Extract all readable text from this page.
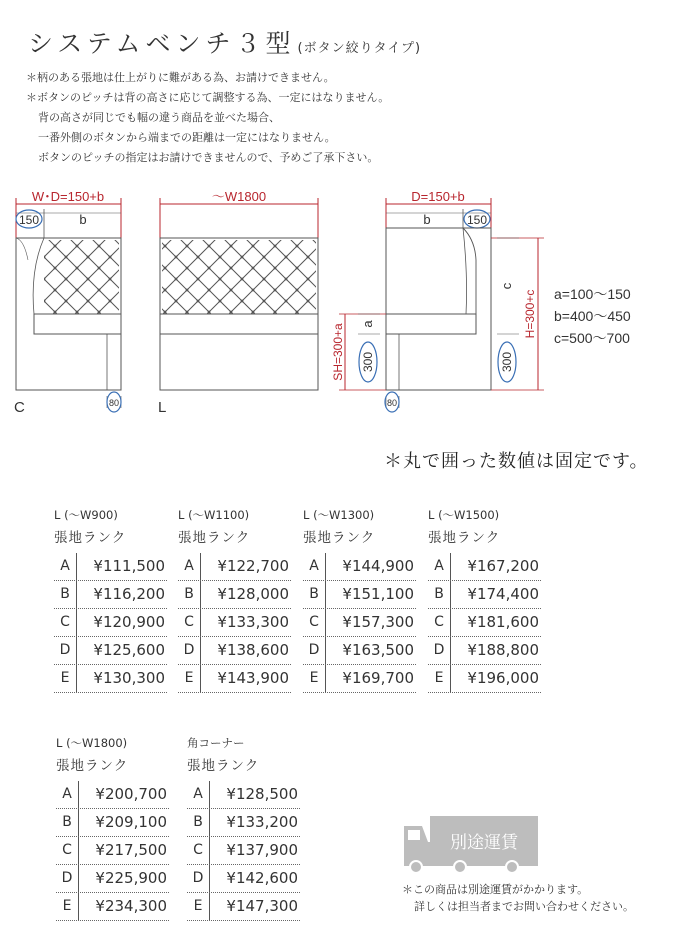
システムベンチ３型 (ボタン絞りタイプ)
＊柄のある張地は仕上がりに難がある為、お請けできません。
＊ボタンのピッチは背の高さに応じて調整する為、一定にはなりません。
背の高さが同じでも幅の違う商品を並べた場合、
一番外側のボタンから端までの距離は一定にはなりません。
ボタンのピッチの指定はお請けできませんので、予めご了承下さい。
W･D=150+b
150	b
80
C
～W1800
L
D=150+b
b	150
80
SH=300+a a
300
H=300+c
c
300
a=100～150
b=400～450
c=500～700
＊丸で囲った数値は固定です。
L (～W900)
張地ランク
A	¥111,500
B	¥116,200
C	¥120,900
D	¥125,600
E	¥130,300
L (～W1100)
張地ランク
A	¥122,700
B	¥128,000
C	¥133,300
D	¥138,600
E	¥143,900
L (～W1300)
張地ランク
A	¥144,900
B	¥151,100
C	¥157,300
D	¥163,500
E	¥169,700
L (～W1500)
張地ランク
A	¥167,200
B	¥174,400
C	¥181,600
D	¥188,800
E	¥196,000
L (～W1800)
張地ランク
A	¥200,700
B	¥209,100
C	¥217,500
D	¥225,900
E	¥234,300
角コーナー
張地ランク
A	¥128,500
B	¥133,200
C	¥137,900
D	¥142,600
E	¥147,300
別途運賃
＊この商品は別途運賃がかかります。
詳しくは担当者までお問い合わせください。
